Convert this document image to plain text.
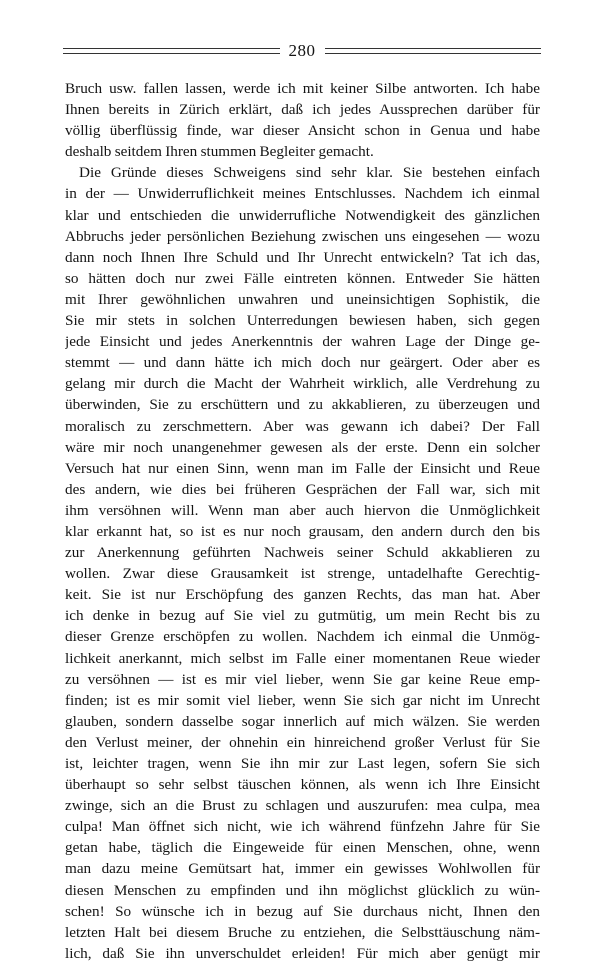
280
Bruch usw. fallen lassen, werde ich mit keiner Silbe antworten. Ich habe
Ihnen bereits in Zürich erklärt, daß ich jedes Aussprechen darüber für
völlig überflüssig finde, war dieser Ansicht schon in Genua und habe
deshalb seitdem Ihren stummen Begleiter gemacht.
Die Gründe dieses Schweigens sind sehr klar. Sie bestehen einfach
in der — Unwiderruflichkeit meines Entschlusses. Nachdem ich einmal
klar und entschieden die unwiderrufliche Notwendigkeit des gänzlichen
Abbruchs jeder persönlichen Beziehung zwischen uns eingesehen — wozu
dann noch Ihnen Ihre Schuld und Ihr Unrecht entwickeln? Tat ich das,
so hätten doch nur zwei Fälle eintreten können. Entweder Sie hätten
mit Ihrer gewöhnlichen unwahren und uneinsichtigen Sophistik, die
Sie mir stets in solchen Unterredungen bewiesen haben, sich gegen
jede Einsicht und jedes Anerkenntnis der wahren Lage der Dinge ge-
stemmt — und dann hätte ich mich doch nur geärgert. Oder aber es
gelang mir durch die Macht der Wahrheit wirklich, alle Verdrehung zu
überwinden, Sie zu erschüttern und zu akkablieren, zu überzeugen und
moralisch zu zerschmettern. Aber was gewann ich dabei? Der Fall
wäre mir noch unangenehmer gewesen als der erste. Denn ein solcher
Versuch hat nur einen Sinn, wenn man im Falle der Einsicht und Reue
des andern, wie dies bei früheren Gesprächen der Fall war, sich mit
ihm versöhnen will. Wenn man aber auch hiervon die Unmöglichkeit
klar erkannt hat, so ist es nur noch grausam, den andern durch den bis
zur Anerkennung geführten Nachweis seiner Schuld akkablieren zu
wollen. Zwar diese Grausamkeit ist strenge, untadelhafte Gerechtig-
keit. Sie ist nur Erschöpfung des ganzen Rechts, das man hat. Aber
ich denke in bezug auf Sie viel zu gutmütig, um mein Recht bis zu
dieser Grenze erschöpfen zu wollen. Nachdem ich einmal die Unmög-
lichkeit anerkannt, mich selbst im Falle einer momentanen Reue wieder
zu versöhnen — ist es mir viel lieber, wenn Sie gar keine Reue emp-
finden; ist es mir somit viel lieber, wenn Sie sich gar nicht im Unrecht
glauben, sondern dasselbe sogar innerlich auf mich wälzen. Sie werden
den Verlust meiner, der ohnehin ein hinreichend großer Verlust für Sie
ist, leichter tragen, wenn Sie ihn mir zur Last legen, sofern Sie sich
überhaupt so sehr selbst täuschen können, als wenn ich Ihre Einsicht
zwinge, sich an die Brust zu schlagen und auszurufen: mea culpa, mea
culpa! Man öffnet sich nicht, wie ich während fünfzehn Jahre für Sie
getan habe, täglich die Eingeweide für einen Menschen, ohne, wenn
man dazu meine Gemütsart hat, immer ein gewisses Wohlwollen für
diesen Menschen zu empfinden und ihn möglichst glücklich zu wün-
schen! So wünsche ich in bezug auf Sie durchaus nicht, Ihnen den
letzten Halt bei diesem Bruche zu entziehen, die Selbsttäuschung näm-
lich, daß Sie ihn unverschuldet erleiden! Für mich aber genügt mir
